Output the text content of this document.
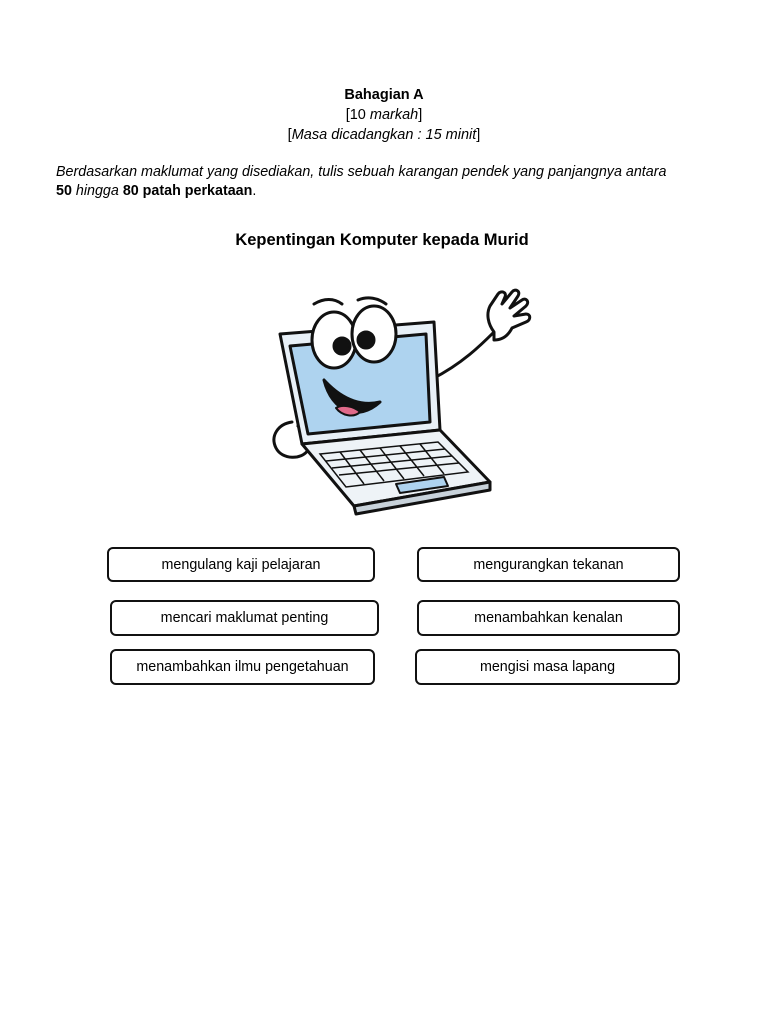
Bahagian A
[10 markah]
[Masa dicadangkan : 15 minit]
Berdasarkan maklumat yang disediakan, tulis sebuah karangan pendek yang panjangnya antara
50 hingga 80 patah perkataan.
Kepentingan Komputer kepada Murid
mengulang kaji pelajaran	mengurangkan tekanan
mencari maklumat penting	menambahkan kenalan
menambahkan ilmu pengetahuan	mengisi masa lapang
